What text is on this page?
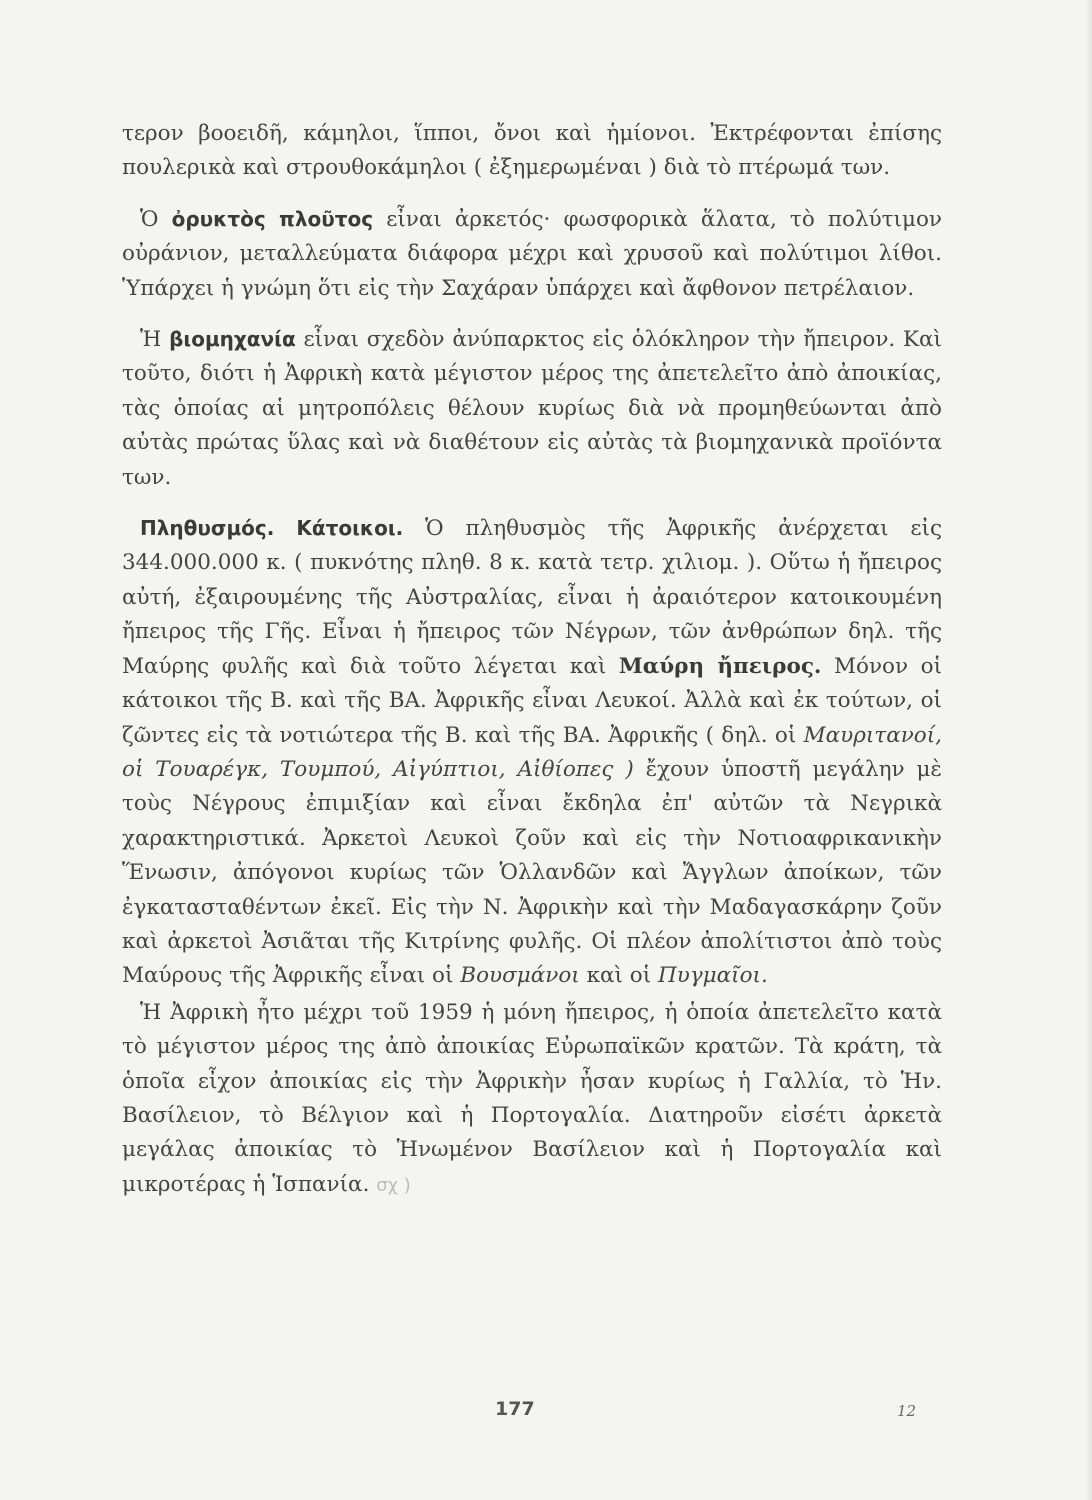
τερον βοοειδῆ, κάμηλοι, ἵπποι, ὄνοι καὶ ἡμίονοι. Ἐκτρέφονται ἐπίσης πουλερικὰ καὶ στρουθοκάμηλοι ( ἐξημερωμέναι ) διὰ τὸ πτέρωμά των.

Ὁ ὀρυκτὸς πλοῦτος εἶναι ἀρκετός· φωσφορικὰ ἅλατα, τὸ πολύτιμον οὐράνιον, μεταλλεύματα διάφορα μέχρι καὶ χρυσοῦ καὶ πολύτιμοι λίθοι. Ὑπάρχει ἡ γνώμη ὅτι εἰς τὴν Σαχάραν ὑπάρχει καὶ ἄφθονον πετρέλαιον.

Ἡ βιομηχανία εἶναι σχεδὸν ἀνύπαρκτος εἰς ὁλόκληρον τὴν ἤπειρον. Καὶ τοῦτο, διότι ἡ Ἀφρικὴ κατὰ μέγιστον μέρος της ἀπετελεῖτο ἀπὸ ἀποικίας, τὰς ὁποίας αἱ μητροπόλεις θέλουν κυρίως διὰ νὰ προμηθεύωνται ἀπὸ αὐτὰς πρώτας ὕλας καὶ νὰ διαθέτουν εἰς αὐτὰς τὰ βιομηχανικὰ προϊόντα των.

Πληθυσμός. Κάτοικοι. Ὁ πληθυσμὸς τῆς Ἀφρικῆς ἀνέρχεται εἰς 344.000.000 κ. ( πυκνότης πληθ. 8 κ. κατὰ τετρ. χιλιομ. ). Οὕτω ἡ ἤπειρος αὐτή, ἐξαιρουμένης τῆς Αὐστραλίας, εἶναι ἡ ἀραιότερον κατοικουμένη ἤπειρος τῆς Γῆς. Εἶναι ἡ ἤπειρος τῶν Νέγρων, τῶν ἀνθρώπων δηλ. τῆς Μαύρης φυλῆς καὶ διὰ τοῦτο λέγεται καὶ Μαύρη ἤπειρος. Μόνον οἱ κάτοικοι τῆς Β. καὶ τῆς ΒΑ. Ἀφρικῆς εἶναι Λευκοί. Ἀλλὰ καὶ ἐκ τούτων, οἱ ζῶντες εἰς τὰ νοτιώτερα τῆς Β. καὶ τῆς ΒΑ. Ἀφρικῆς ( δηλ. οἱ Μαυριτανοί, οἱ Τουαρέγκ, Τουμπού, Αἰγύπτιοι, Αἰθίοπες ) ἔχουν ὑποστῆ μεγάλην μὲ τοὺς Νέγρους ἐπιμιξίαν καὶ εἶναι ἔκδηλα ἐπ' αὐτῶν τὰ Νεγρικὰ χαρακτηριστικά. Ἀρκετοὶ Λευκοὶ ζοῦν καὶ εἰς τὴν Νοτιοαφρικανικὴν Ἕνωσιν, ἀπόγονοι κυρίως τῶν Ὁλλανδῶν καὶ Ἄγγλων ἀποίκων, τῶν ἐγκατασταθέντων ἐκεῖ. Εἰς τὴν Ν. Ἀφρικὴν καὶ τὴν Μαδαγασκάρην ζοῦν καὶ ἀρκετοὶ Ἀσιᾶται τῆς Κιτρίνης φυλῆς. Οἱ πλέον ἀπολίτιστοι ἀπὸ τοὺς Μαύρους τῆς Ἀφρικῆς εἶναι οἱ Βουσμάνοι καὶ οἱ Πυγμαῖοι.

Ἡ Ἀφρικὴ ἦτο μέχρι τοῦ 1959 ἡ μόνη ἤπειρος, ἡ ὁποία ἀπετελεῖτο κατὰ τὸ μέγιστον μέρος της ἀπὸ ἀποικίας Εὐρωπαϊκῶν κρατῶν. Τὰ κράτη, τὰ ὁποῖα εἶχον ἀποικίας εἰς τὴν Ἀφρικὴν ἦσαν κυρίως ἡ Γαλλία, τὸ Ἡν. Βασίλειον, τὸ Βέλγιον καὶ ἡ Πορτογαλία. Διατηροῦν εἰσέτι ἀρκετὰ μεγάλας ἀποικίας τὸ Ἡνωμένον Βασίλειον καὶ ἡ Πορτογαλία καὶ μικροτέρας ἡ Ἱσπανία. σχ )

177	12
